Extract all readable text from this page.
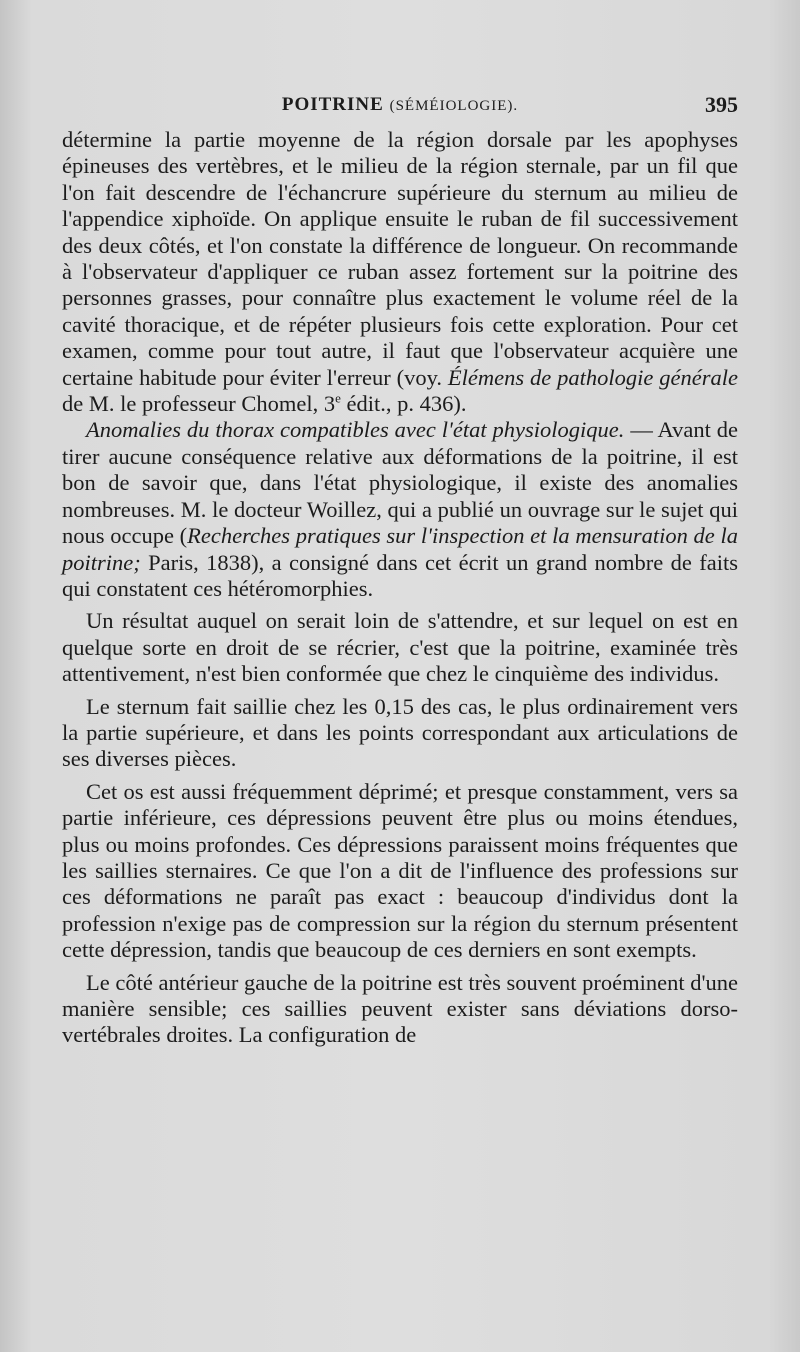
POITRINE (SÉMÉIOLOGIE).	395

détermine la partie moyenne de la région dorsale par les apophyses épineuses des vertèbres, et le milieu de la région sternale, par un fil que l'on fait descendre de l'échancrure supérieure du sternum au milieu de l'appendice xiphoïde. On applique ensuite le ruban de fil successivement des deux côtés, et l'on constate la différence de longueur. On recommande à l'observateur d'appliquer ce ruban assez fortement sur la poitrine des personnes grasses, pour connaître plus exactement le volume réel de la cavité thoracique, et de répéter plusieurs fois cette exploration. Pour cet examen, comme pour tout autre, il faut que l'observateur acquière une certaine habitude pour éviter l'erreur (voy. Élémens de pathologie générale de M. le professeur Chomel, 3e édit., p. 436).

Anomalies du thorax compatibles avec l'état physiologique. — Avant de tirer aucune conséquence relative aux déformations de la poitrine, il est bon de savoir que, dans l'état physiologique, il existe des anomalies nombreuses. M. le docteur Woillez, qui a publié un ouvrage sur le sujet qui nous occupe (Recherches pratiques sur l'inspection et la mensuration de la poitrine; Paris, 1838), a consigné dans cet écrit un grand nombre de faits qui constatent ces hétéromorphies.

Un résultat auquel on serait loin de s'attendre, et sur lequel on est en quelque sorte en droit de se récrier, c'est que la poitrine, examinée très attentivement, n'est bien conformée que chez le cinquième des individus.

Le sternum fait saillie chez les 0,15 des cas, le plus ordinairement vers la partie supérieure, et dans les points correspondant aux articulations de ses diverses pièces.

Cet os est aussi fréquemment déprimé; et presque constamment, vers sa partie inférieure, ces dépressions peuvent être plus ou moins étendues, plus ou moins profondes. Ces dépressions paraissent moins fréquentes que les saillies sternaires. Ce que l'on a dit de l'influence des professions sur ces déformations ne paraît pas exact : beaucoup d'individus dont la profession n'exige pas de compression sur la région du sternum présentent cette dépression, tandis que beaucoup de ces derniers en sont exempts.

Le côté antérieur gauche de la poitrine est très souvent proéminent d'une manière sensible; ces saillies peuvent exister sans déviations dorso-vertébrales droites. La configuration de
